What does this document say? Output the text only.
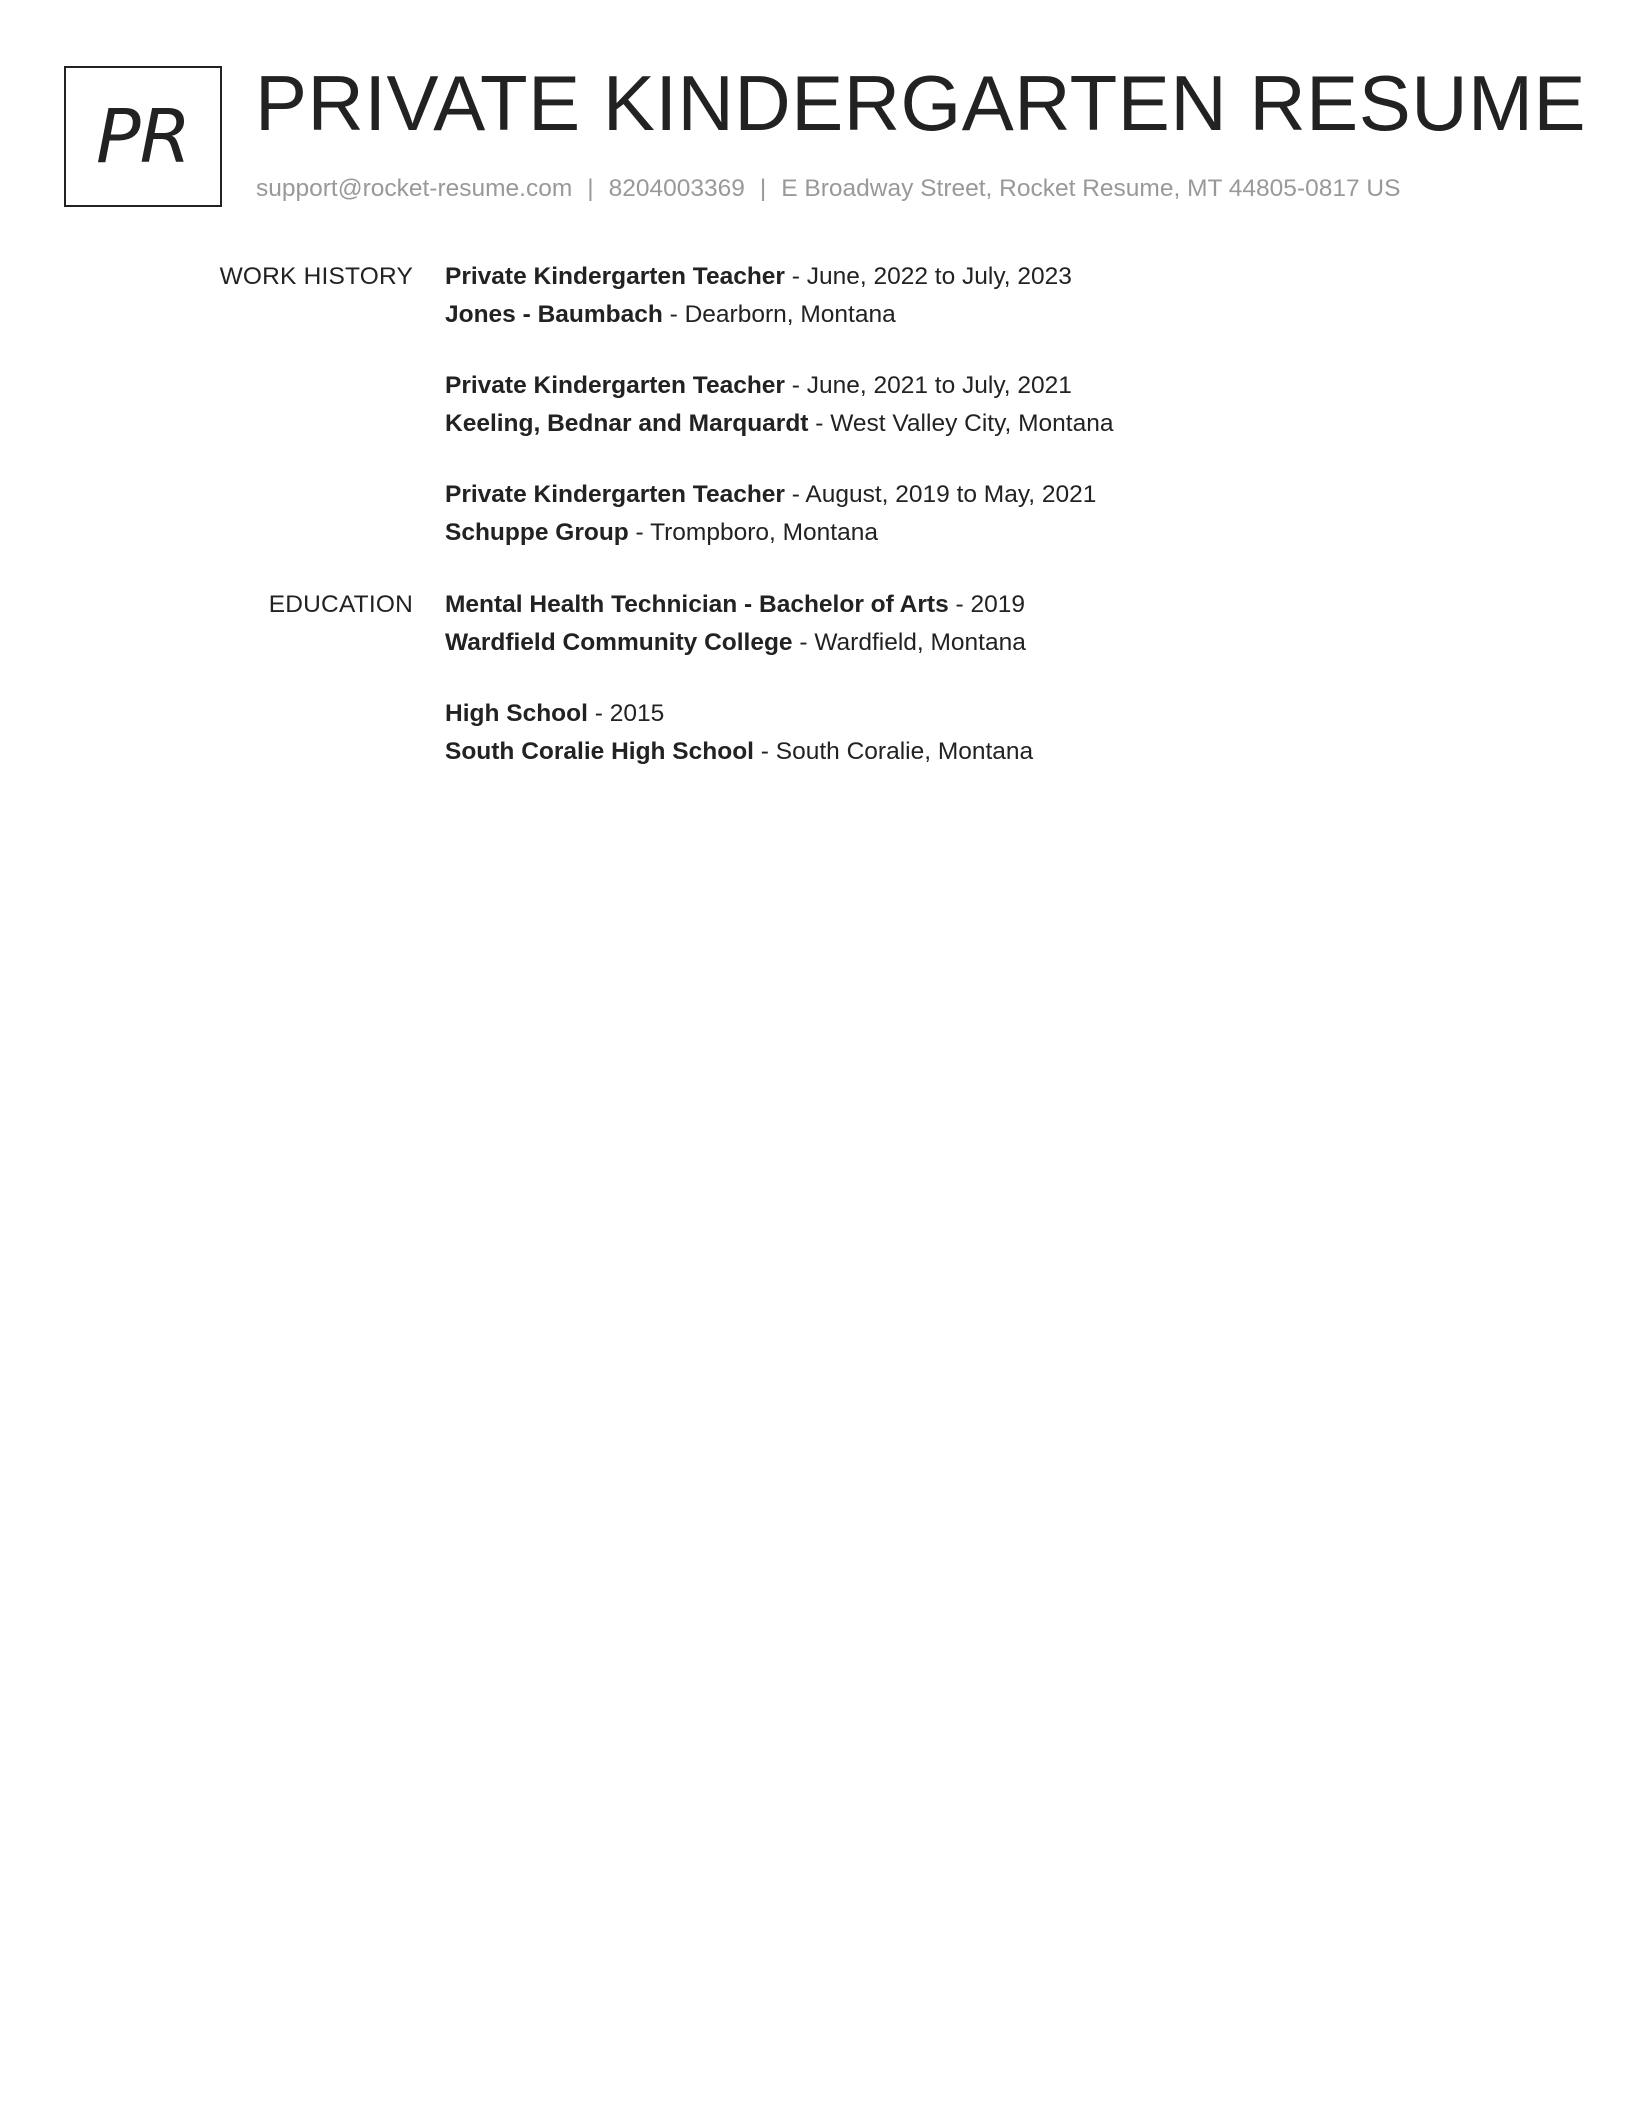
PR PRIVATE KINDERGARTEN RESUME
support@rocket-resume.com | 8204003369 | E Broadway Street, Rocket Resume, MT 44805-0817 US
WORK HISTORY Private Kindergarten Teacher - June, 2022 to July, 2023
Jones - Baumbach - Dearborn, Montana
Private Kindergarten Teacher - June, 2021 to July, 2021
Keeling, Bednar and Marquardt - West Valley City, Montana
Private Kindergarten Teacher - August, 2019 to May, 2021
Schuppe Group - Trompboro, Montana
EDUCATION Mental Health Technician - Bachelor of Arts - 2019
Wardfield Community College - Wardfield, Montana
High School - 2015
South Coralie High School - South Coralie, Montana
